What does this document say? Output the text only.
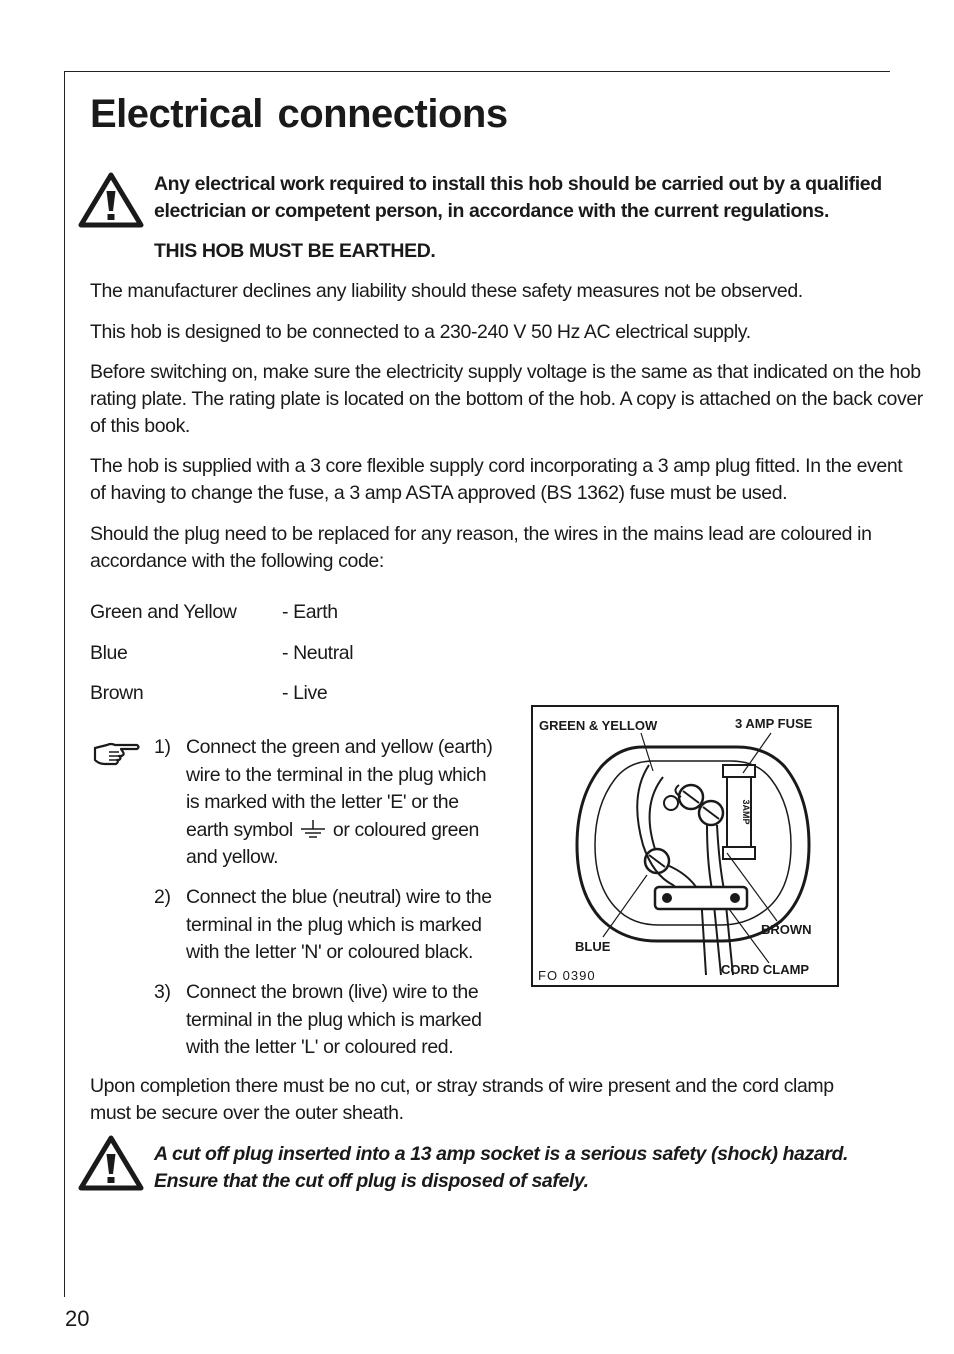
Electrical connections

Any electrical work required to install this hob should be carried out by a qualified

electrician or competent person, in accordance with the current regulations.

THIS HOB MUST BE EARTHED.

The manufacturer declines any liability should these safety measures not be observed.

This hob is designed to be connected to a 230-240 V 50 Hz AC electrical supply.

Before switching on, make sure the electricity supply voltage is the same as that indicated on the hob

rating plate. The rating plate is located on the bottom of the hob. A copy is attached on the back cover

of this book.

The hob is supplied with a 3 core flexible supply cord incorporating a 3 amp plug fitted. In the event

of having to change the fuse, a 3 amp ASTA approved (BS 1362) fuse must be used.

Should the plug need to be replaced for any reason, the wires in the mains lead are coloured in

accordance with the following code:

Green and Yellow - Earth
Blue	- Neutral
Brown	- Live
1) Connect the green and yellow (earth)
wire to the terminal in the plug which
is marked with the letter 'E' or the
earth symbol or coloured green
and yellow.
2) Connect the blue (neutral) wire to the
terminal in the plug which is marked
with the letter 'N' or coloured black.
3) Connect the brown (live) wire to the
terminal in the plug which is marked
with the letter 'L' or coloured red.
3AMP
GREEN & YELLOW	3 AMP FUSE
BLUE
BROWN
CORD CLAMP
FO 0390

Upon completion there must be no cut, or stray strands of wire present and the cord clamp

must be secure over the outer sheath.

A cut off plug inserted into a 13 amp socket is a serious safety (shock) hazard.

Ensure that the cut off plug is disposed of safely.

20
